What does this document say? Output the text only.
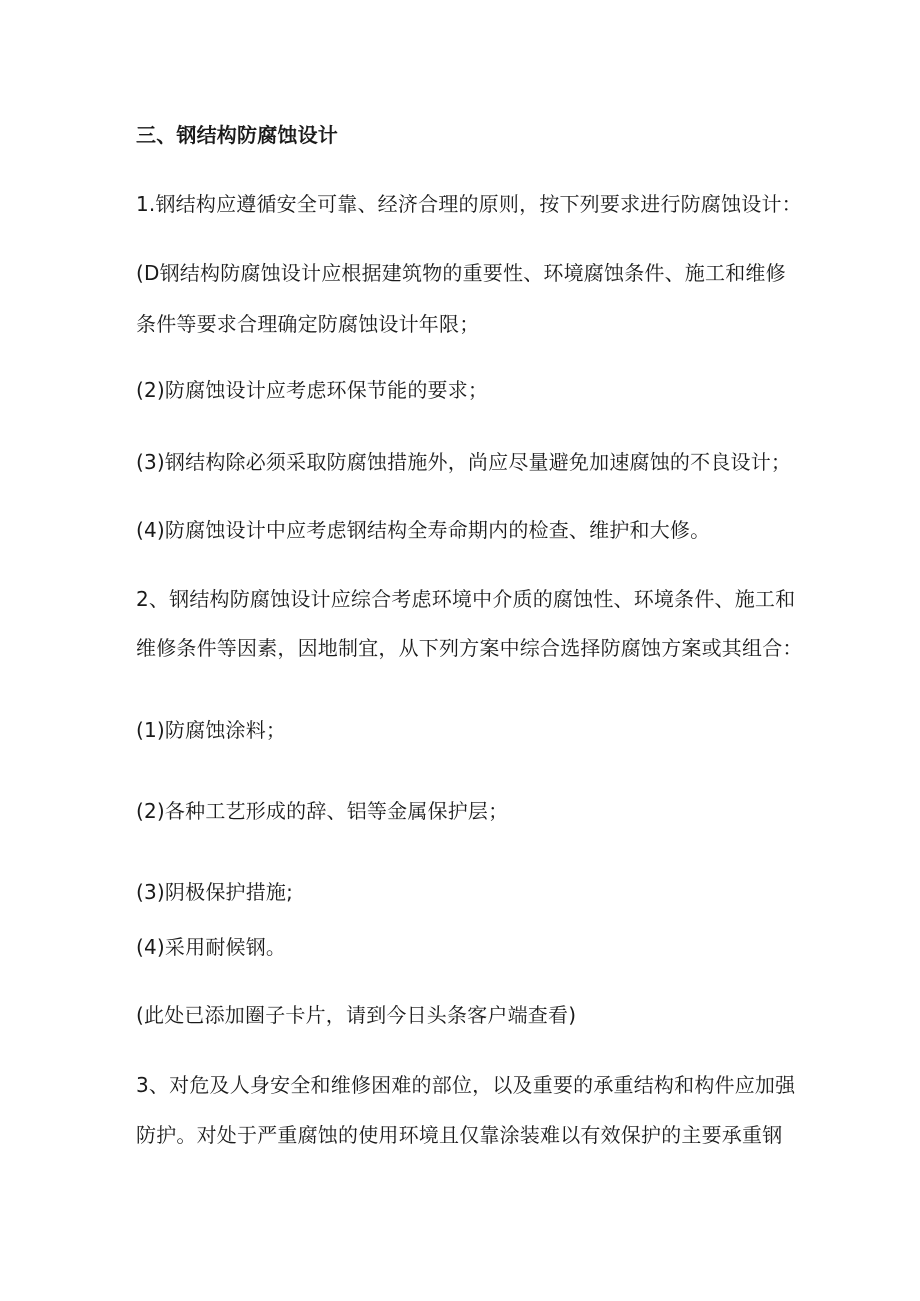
三、钢结构防腐蚀设计
1.钢结构应遵循安全可靠、经济合理的原则，按下列要求进行防腐蚀设计：
(D钢结构防腐蚀设计应根据建筑物的重要性、环境腐蚀条件、施工和维修
条件等要求合理确定防腐蚀设计年限；
(2)防腐蚀设计应考虑环保节能的要求；
(3)钢结构除必须采取防腐蚀措施外，尚应尽量避免加速腐蚀的不良设计；
(4)防腐蚀设计中应考虑钢结构全寿命期内的检查、维护和大修。
2、钢结构防腐蚀设计应综合考虑环境中介质的腐蚀性、环境条件、施工和
维修条件等因素，因地制宜，从下列方案中综合选择防腐蚀方案或其组合：
(1)防腐蚀涂料；
(2)各种工艺形成的辞、铝等金属保护层；
(3)阴极保护措施;
(4)采用耐候钢。
(此处已添加圈子卡片，请到今日头条客户端查看)
3、对危及人身安全和维修困难的部位，以及重要的承重结构和构件应加强
防护。对处于严重腐蚀的使用环境且仅靠涂装难以有效保护的主要承重钢
